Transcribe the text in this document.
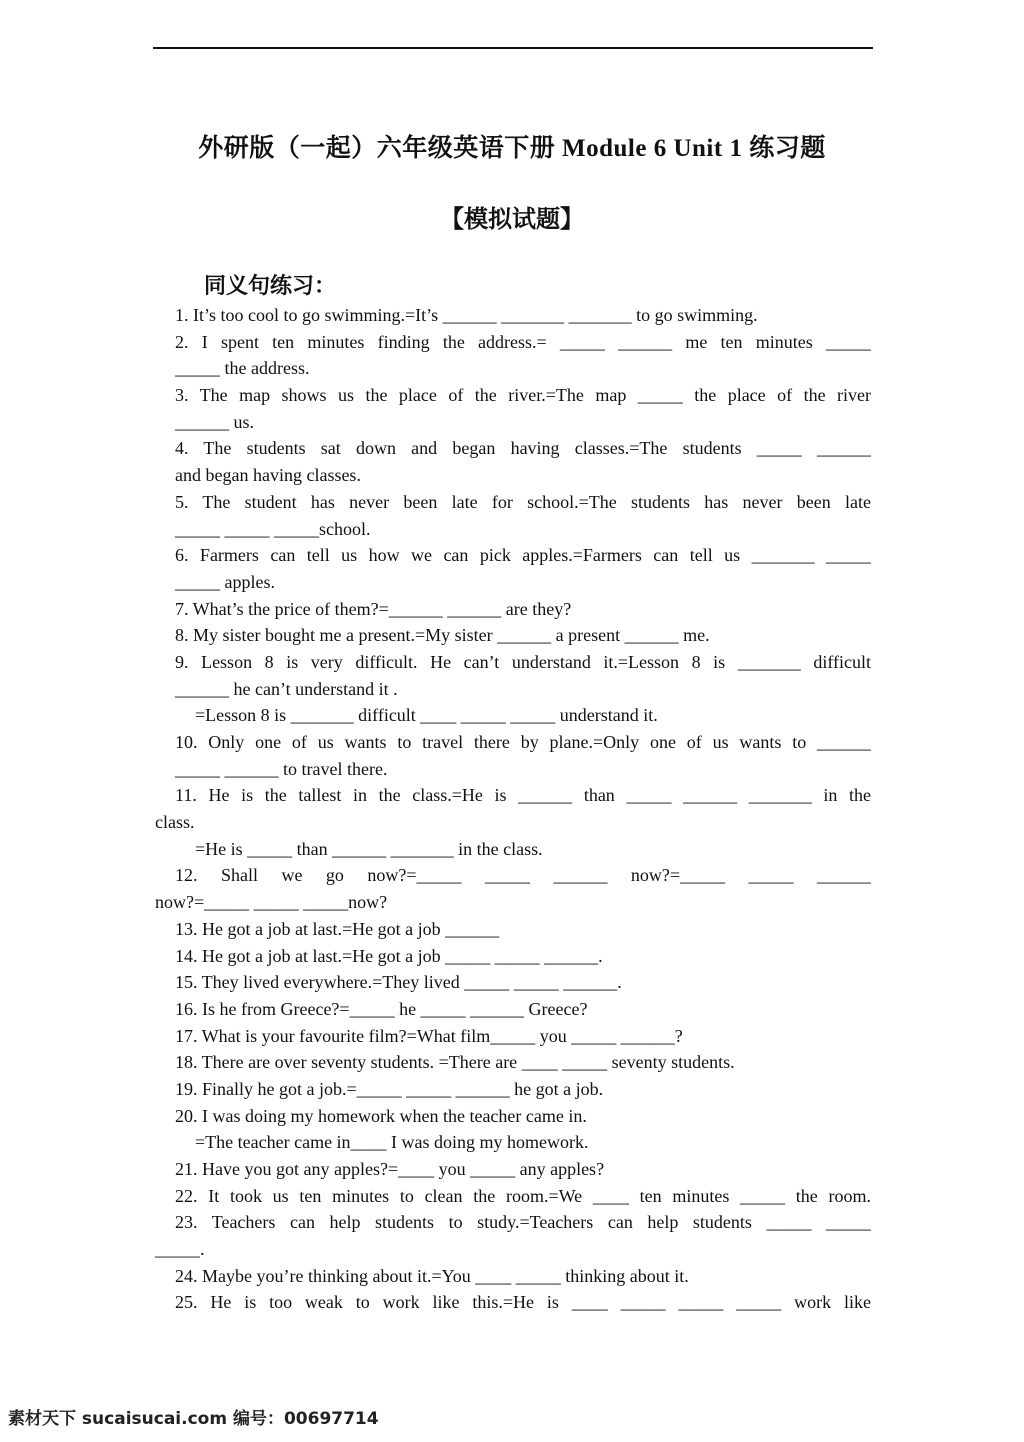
外研版（一起）六年级英语下册 Module 6 Unit 1 练习题
【模拟试题】
同义句练习：
1. It’s too cool to go swimming.=It’s ______ _______ _______ to go swimming.
2. I spent ten minutes finding the address.= _____ ______ me ten minutes _____
_____ the address.
3. The map shows us the place of the river.=The map _____ the place of the river
______ us.
4. The students sat down and began having classes.=The students _____ ______
and began having classes.
5. The student has never been late for school.=The students has never been late
_____ _____ _____school.
6. Farmers can tell us how we can pick apples.=Farmers can tell us _______ _____
_____ apples.
7. What’s the price of them?=______ ______ are they?
8. My sister bought me a present.=My sister ______ a present ______ me.
9. Lesson 8 is very difficult. He can’t understand it.=Lesson 8 is _______ difficult
______ he can’t understand it .
=Lesson 8 is _______ difficult ____ _____ _____ understand it.
10. Only one of us wants to travel there by plane.=Only one of us wants to ______
_____ ______ to travel there.
11. He is the tallest in the class.=He is ______ than _____ ______ _______ in the
class.
=He is _____ than ______ _______ in the class.
12. Shall we go now?=_____ _____ ______ now?=_____ _____ ______
now?=_____ _____ _____now?
13. He got a job at last.=He got a job ______
14. He got a job at last.=He got a job _____ _____ ______.
15. They lived everywhere.=They lived _____ _____ ______.
16. Is he from Greece?=_____ he _____ ______ Greece?
17. What is your favourite film?=What film_____ you _____ ______?
18. There are over seventy students. =There are ____ _____ seventy students.
19. Finally he got a job.=_____ _____ ______ he got a job.
20. I was doing my homework when the teacher came in.
=The teacher came in____ I was doing my homework.
21. Have you got any apples?=____ you _____ any apples?
22. It took us ten minutes to clean the room.=We ____ ten minutes _____ the room.
23. Teachers can help students to study.=Teachers can help students _____ _____
_____.
24. Maybe you’re thinking about it.=You ____ _____ thinking about it.
25. He is too weak to work like this.=He is ____ _____ _____ _____ work like
素材天下 sucaisucai.com 编号：00697714
